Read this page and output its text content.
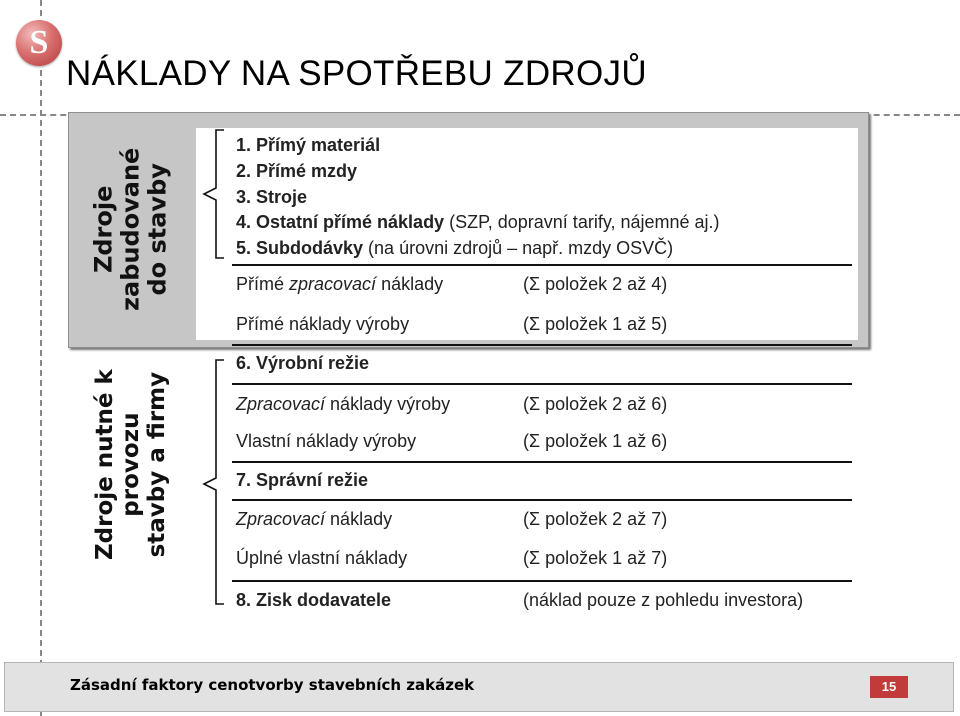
S
NÁKLADY NA SPOTŘEBU ZDROJŮ
Zdroje
zabudované
do stavby
Zdroje nutné k provozu stavby a firmy
1. Přímý materiál
2. Přímé mzdy
3. Stroje
4. Ostatní přímé náklady (SZP, dopravní tarify, nájemné aj.)
5. Subdodávky (na úrovni zdrojů – např. mzdy OSVČ)
Přímé zpracovací náklady	(Σ položek 2 až 4)
Přímé náklady výroby	(Σ položek 1 až 5)
6. Výrobní režie
Zpracovací náklady výroby	(Σ položek 2 až 6)
Vlastní náklady výroby	(Σ položek 1 až 6)
7. Správní režie
Zpracovací náklady	(Σ položek 2 až 7)
Úplné vlastní náklady	(Σ položek 1 až 7)
8. Zisk dodavatele	(náklad pouze z pohledu investora)
Zásadní faktory cenotvorby stavebních zakázek	15
